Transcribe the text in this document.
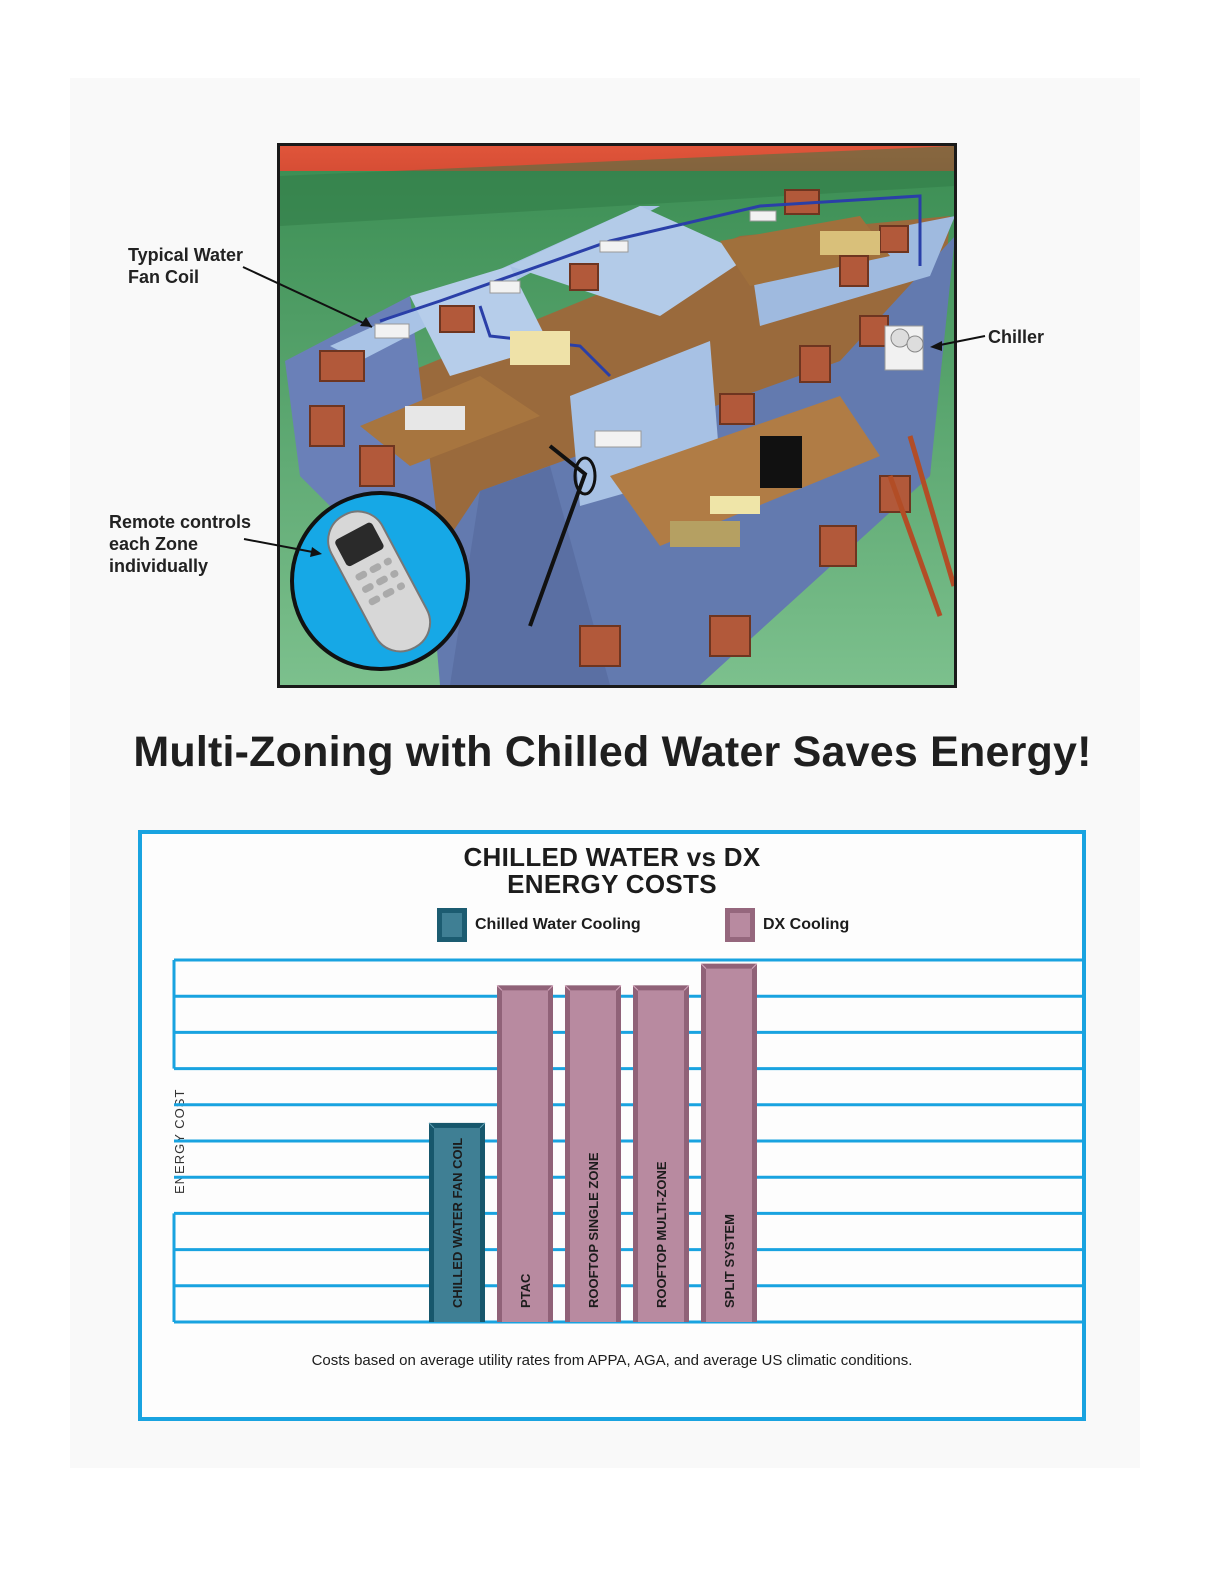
Typical Water
Fan Coil
Chiller
Remote controls
each Zone
individually
Multi-Zoning with Chilled Water Saves Energy!
CHILLED WATER vs DX
ENERGY COSTS
Chilled Water Cooling	DX Cooling
ENERGY COST	CHILLED WATER FAN COIL	PTAC	ROOFTOP SINGLE ZONE	ROOFTOP MULTI-ZONE	SPLIT SYSTEM
Costs based on average utility rates from APPA, AGA, and average US climatic conditions.
